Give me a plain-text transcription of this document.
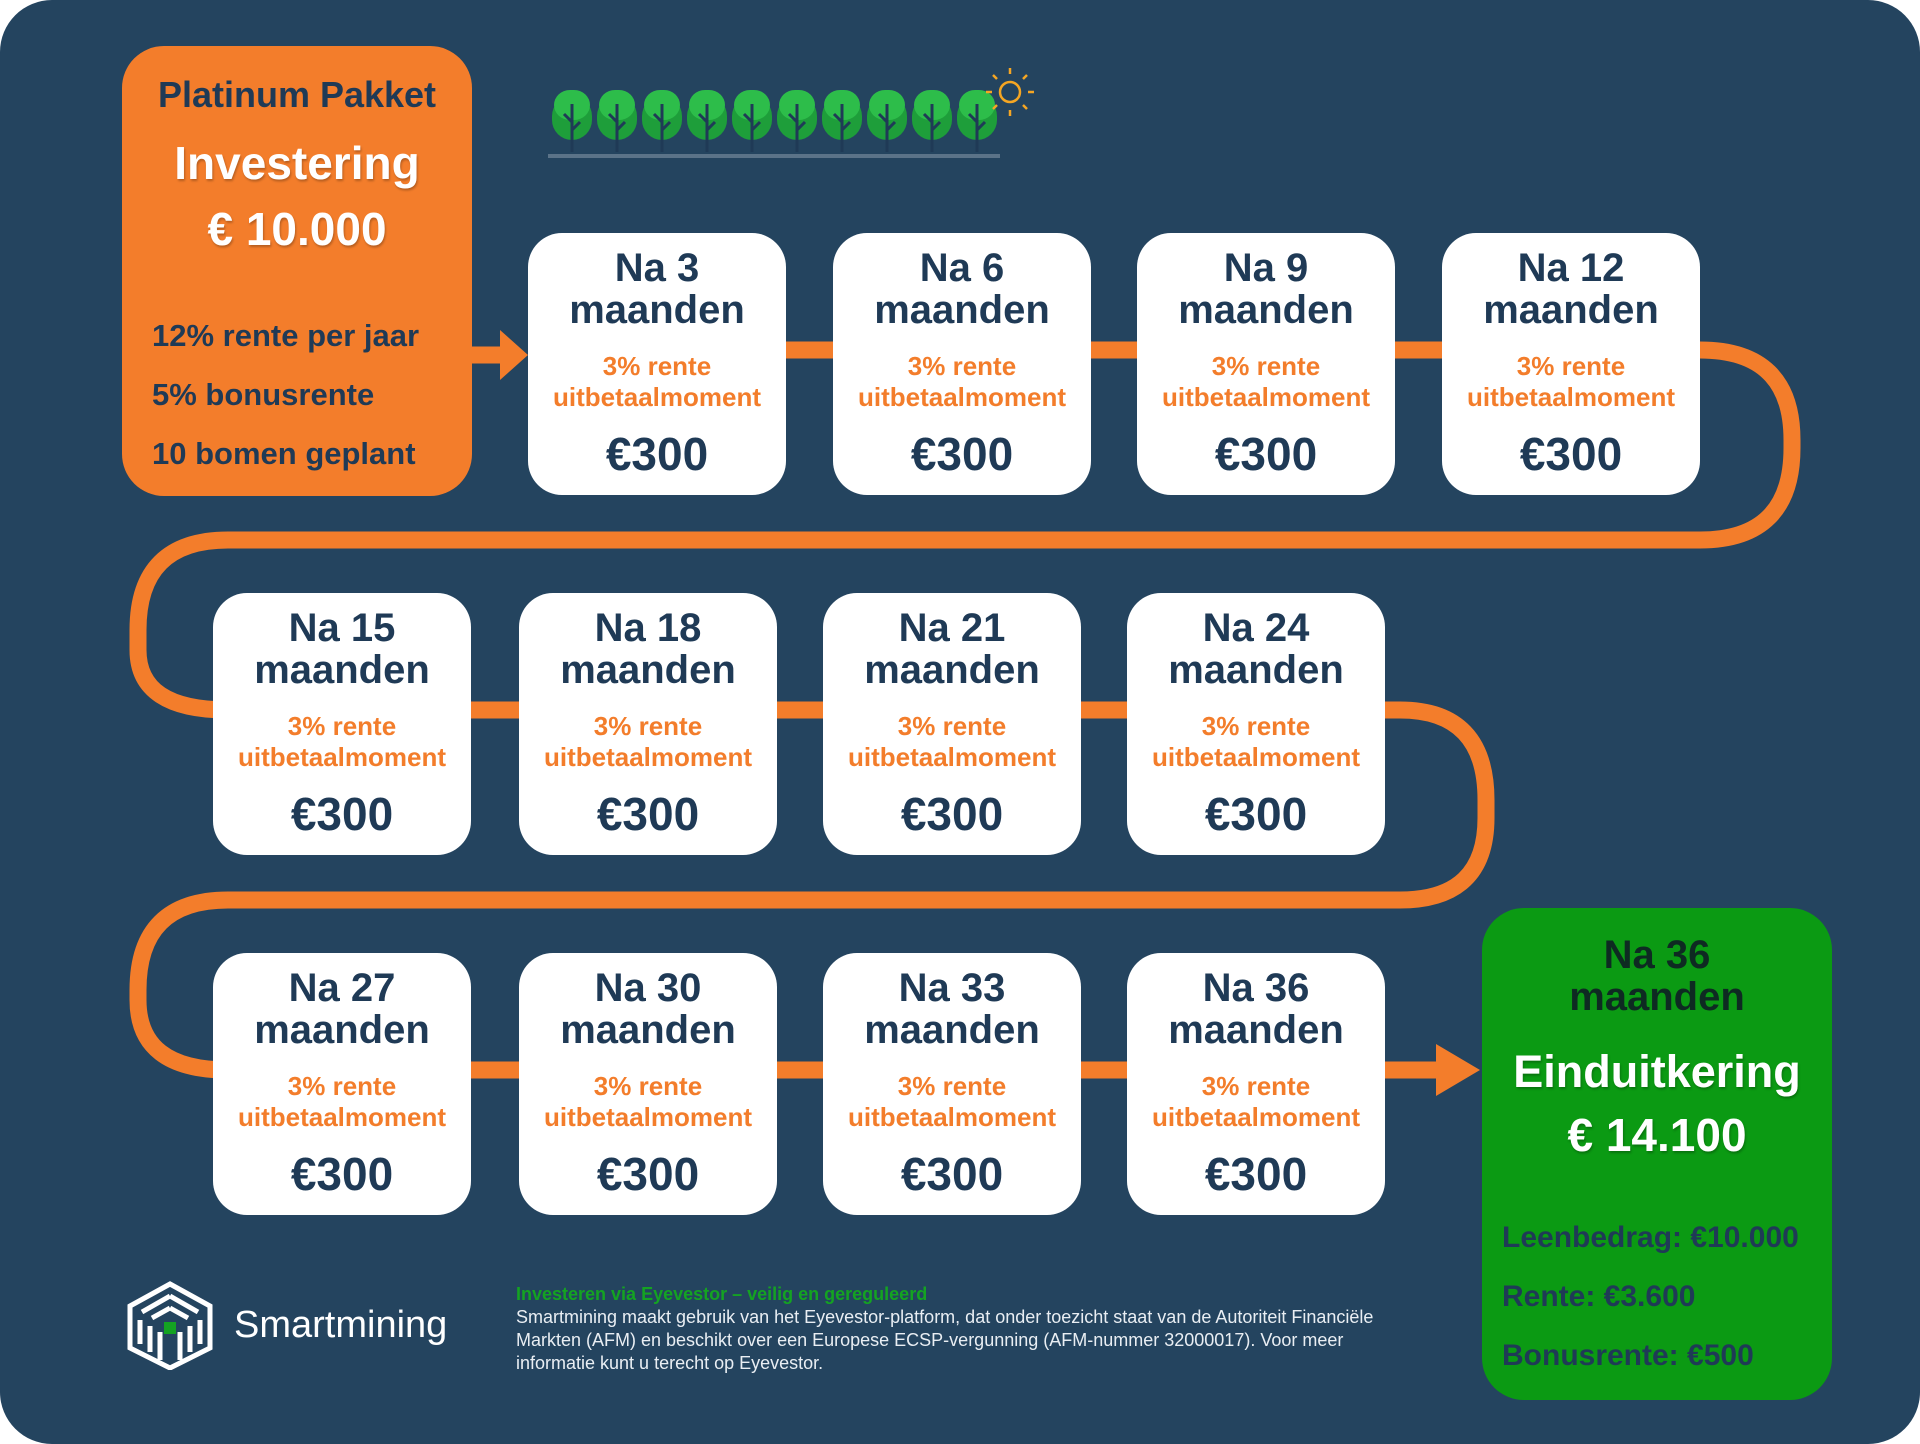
Platinum Pakket
Investering
€ 10.000
12% rente per jaar
5% bonusrente
10 bomen geplant
Na 3
maanden
3% rente
uitbetaalmoment
€300
Na 6
maanden
3% rente
uitbetaalmoment
€300
Na 9
maanden
3% rente
uitbetaalmoment
€300
Na 12
maanden
3% rente
uitbetaalmoment
€300
Na 15
maanden
3% rente
uitbetaalmoment
€300
Na 18
maanden
3% rente
uitbetaalmoment
€300
Na 21
maanden
3% rente
uitbetaalmoment
€300
Na 24
maanden
3% rente
uitbetaalmoment
€300
Na 27
maanden
3% rente
uitbetaalmoment
€300
Na 30
maanden
3% rente
uitbetaalmoment
€300
Na 33
maanden
3% rente
uitbetaalmoment
€300
Na 36
maanden
3% rente
uitbetaalmoment
€300
Na 36
maanden
Einduitkering
€ 14.100
Leenbedrag: €10.000
Rente: €3.600
Bonusrente: €500
Smartmining
Investeren via Eyevestor – veilig en gereguleerd
Smartmining maakt gebruik van het Eyevestor-platform, dat onder toezicht staat van de Autoriteit Financiële Markten (AFM) en beschikt over een Europese ECSP-vergunning (AFM-nummer 32000017). Voor meer informatie kunt u terecht op Eyevestor.
